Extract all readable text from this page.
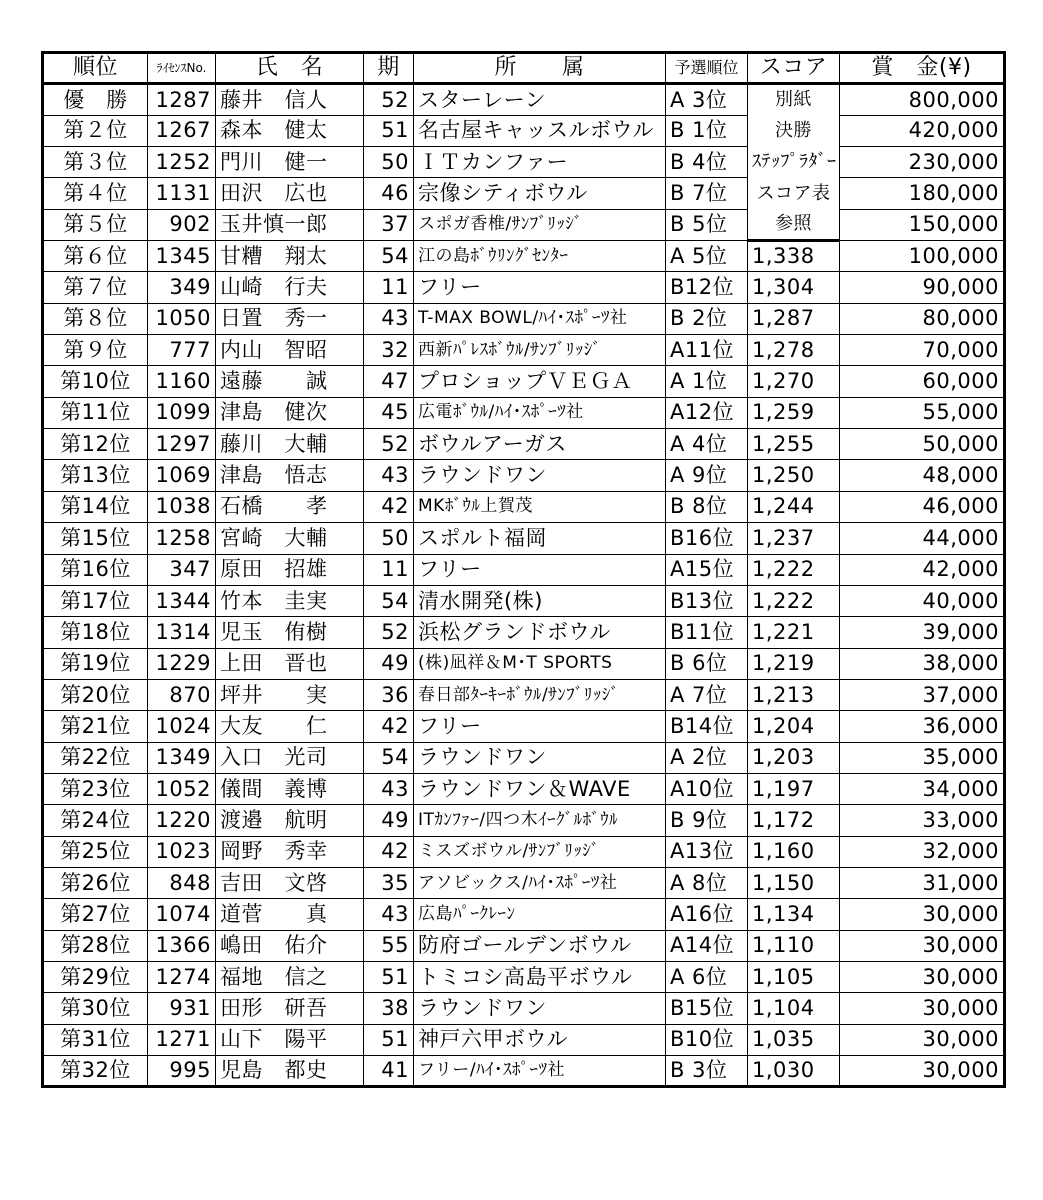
順位	ﾗｲｾﾝｽNo.	氏　名	期	所　　属	予選順位	スコア	賞　金(¥)
優　勝	1287	藤井　信人	52	スターレーン	A 3位	別紙	800,000
第２位	1267	森本　健太	51	名古屋キャッスルボウル	B 1位	決勝	420,000
第３位	1252	門川　健一	50	ＩＴカンファー	B 4位	ｽﾃｯﾌﾟﾗﾀﾞｰ	230,000
第４位	1131	田沢　広也	46	宗像シティボウル	B 7位	スコア表	180,000
第５位	902	玉井慎一郎	37	スポガ香椎/ｻﾝﾌﾞﾘｯｼﾞ	B 5位	参照	150,000
第６位	1345	甘糟　翔太	54	江の島ﾎﾞｳﾘﾝｸﾞｾﾝﾀｰ	A 5位	1,338	100,000
第７位	349	山崎　行夫	11	フリー	B12位	1,304	90,000
第８位	1050	日置　秀一	43	T-MAX BOWL/ﾊｲ･ｽﾎﾟｰﾂ社	B 2位	1,287	80,000
第９位	777	内山　智昭	32	西新ﾊﾟﾚｽﾎﾞｳﾙ/ｻﾝﾌﾞﾘｯｼﾞ	A11位	1,278	70,000
第10位	1160	遠藤　　誠	47	プロショップＶＥＧＡ	A 1位	1,270	60,000
第11位	1099	津島　健次	45	広電ﾎﾞｳﾙ/ﾊｲ･ｽﾎﾟｰﾂ社	A12位	1,259	55,000
第12位	1297	藤川　大輔	52	ボウルアーガス	A 4位	1,255	50,000
第13位	1069	津島　悟志	43	ラウンドワン	A 9位	1,250	48,000
第14位	1038	石橋　　孝	42	MKﾎﾞｳﾙ上賀茂	B 8位	1,244	46,000
第15位	1258	宮崎　大輔	50	スポルト福岡	B16位	1,237	44,000
第16位	347	原田　招雄	11	フリー	A15位	1,222	42,000
第17位	1344	竹本　圭実	54	清水開発(株)	B13位	1,222	40,000
第18位	1314	児玉　侑樹	52	浜松グランドボウル	B11位	1,221	39,000
第19位	1229	上田　晋也	49	(株)凪祥＆M･T SPORTS	B 6位	1,219	38,000
第20位	870	坪井　　実	36	春日部ﾀｰｷｰﾎﾞｳﾙ/ｻﾝﾌﾞﾘｯｼﾞ	A 7位	1,213	37,000
第21位	1024	大友　　仁	42	フリー	B14位	1,204	36,000
第22位	1349	入口　光司	54	ラウンドワン	A 2位	1,203	35,000
第23位	1052	儀間　義博	43	ラウンドワン＆WAVE	A10位	1,197	34,000
第24位	1220	渡邉　航明	49	ITｶﾝﾌｧｰ/四つ木ｲｰｸﾞﾙﾎﾞｳﾙ	B 9位	1,172	33,000
第25位	1023	岡野　秀幸	42	ミスズボウル/ｻﾝﾌﾞﾘｯｼﾞ	A13位	1,160	32,000
第26位	848	吉田　文啓	35	アソビックス/ﾊｲ･ｽﾎﾟｰﾂ社	A 8位	1,150	31,000
第27位	1074	道菅　　真	43	広島ﾊﾟｰｸﾚｰﾝ	A16位	1,134	30,000
第28位	1366	嶋田　佑介	55	防府ゴールデンボウル	A14位	1,110	30,000
第29位	1274	福地　信之	51	トミコシ高島平ボウル	A 6位	1,105	30,000
第30位	931	田形　研吾	38	ラウンドワン	B15位	1,104	30,000
第31位	1271	山下　陽平	51	神戸六甲ボウル	B10位	1,035	30,000
第32位	995	児島　都史	41	フリー/ﾊｲ･ｽﾎﾟｰﾂ社	B 3位	1,030	30,000
